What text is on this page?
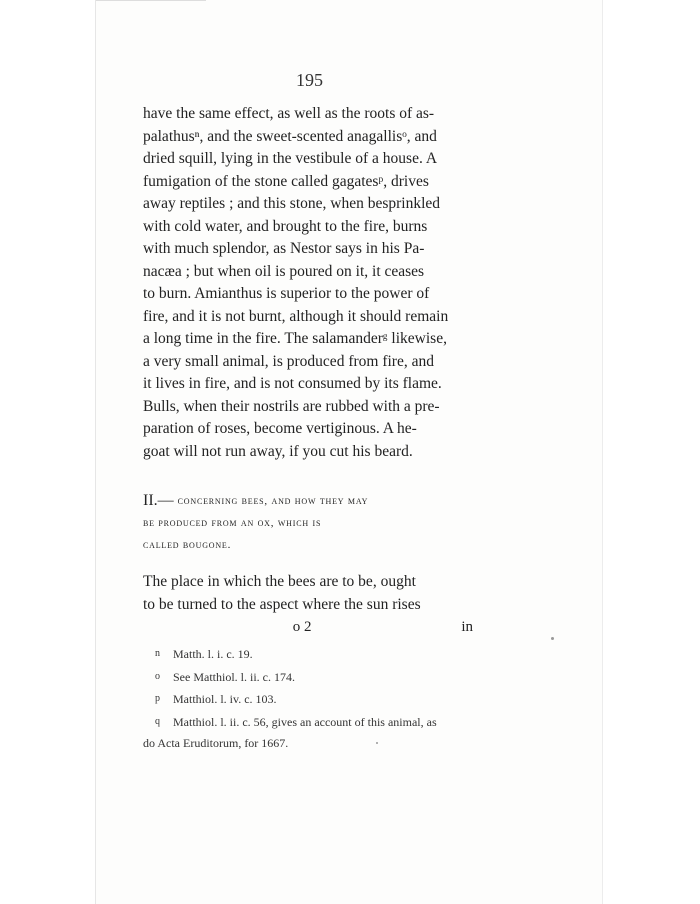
195
have the same effect, as well as the roots of as-
palathusⁿ, and the sweet-scented anagallisᵒ, and
dried squill, lying in the vestibule of a house. A
fumigation of the stone called gagatesᵖ, drives
away reptiles ; and this stone, when besprinkled
with cold water, and brought to the fire, burns
with much splendor, as Nestor says in his Pa-
nacæa ; but when oil is poured on it, it ceases
to burn. Amianthus is superior to the power of
fire, and it is not burnt, although it should remain
a long time in the fire. The salamanderᵍ likewise,
a very small animal, is produced from fire, and
it lives in fire, and is not consumed by its flame.
Bulls, when their nostrils are rubbed with a pre-
paration of roses, become vertiginous. A he-
goat will not run away, if you cut his beard.
II.— concerning bees, and how they may
be produced from an ox, which is
called bougone.
The place in which the bees are to be, ought
to be turned to the aspect where the sun rises
o 2	in
n Matth. l. i. c. 19.
o See Matthiol. l. ii. c. 174.
p Matthiol. l. iv. c. 103.
q Matthiol. l. ii. c. 56, gives an account of this animal, as
do Acta Eruditorum, for 1667.
